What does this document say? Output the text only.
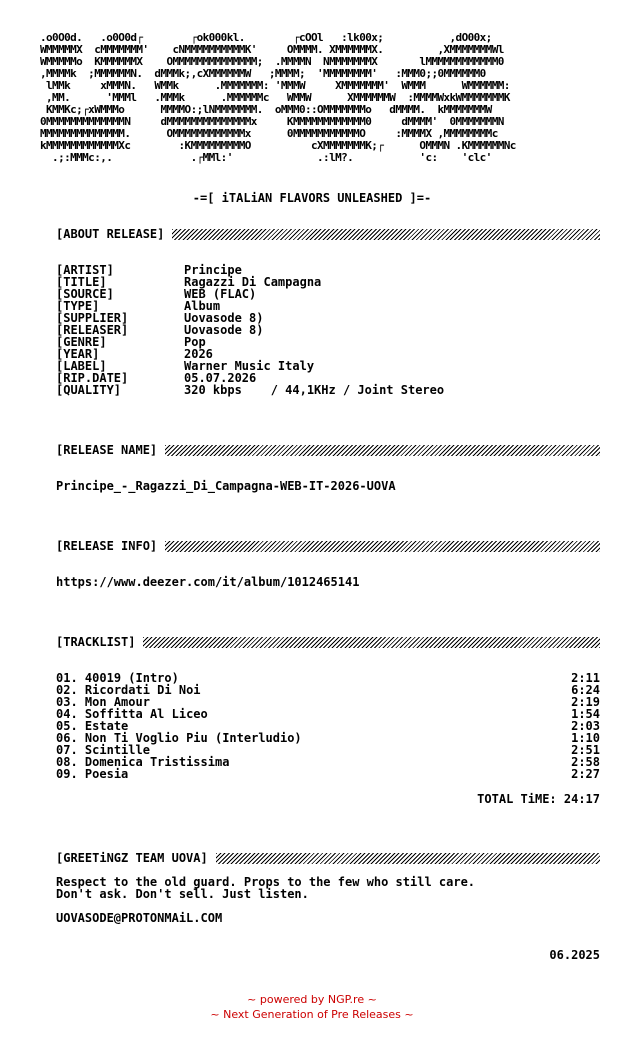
.o0O0d.   .o0O0d┌        ┌ok000kl.        ┌cOOl   :lk00x;           ,dO00x;
WMMMMMX  cMMMMMMM'    cNMMMMMMMMMMK'     OMMMM. XMMMMMMX.         ,XMMMMMMMWl
WMMMMMo  KMMMMMMX    OMMMMMMMMMMMMMM;  .MMMMN  NMMMMMMMX       lMMMMMMMMMMMM0
,MMMMk  ;MMMMMMN.  dMMMk;,cXMMMMMMW   ;MMMM;  'MMMMMMMM'   :MMM0;;0MMMMMM0
lMMk     xMMMN.   WMMk      .MMMMMMM: 'MMMW     XMMMMMMM'  WMMM      WMMMMMM:
,MM.      'MMMl   .MMMk      .MMMMMMc   WMMW      XMMMMMMW  :MMMMWxkWMMMMMMMK
KMMKc;┌xWMMMo      MMMMO:;lNMMMMMMM.  oMMM0::OMMMMMMMo   dMMMM.  kMMMMMMMW
0MMMMMMMMMMMMMN     dMMMMMMMMMMMMMMx     KMMMMMMMMMMMM0     dMMMM'  0MMMMMMMN
MMMMMMMMMMMMMM.      OMMMMMMMMMMMMx      0MMMMMMMMMMMO     :MMMMX ,MMMMMMMMc
kMMMMMMMMMMMMXc        :KMMMMMMMMMO          cXMMMMMMMK;┌      OMMMN .KMMMMMMNc
.;:MMMc:,.             .┌MMl:'              .:lM?.           'c:    'clc'
-=[ iTALiAN FLAVORS UNLEASHED ]=-
[ABOUT RELEASE]
[ARTIST]	Principe
[TITLE]	Ragazzi Di Campagna
[SOURCE]	WEB (FLAC)
[TYPE]	Album
[SUPPLIER]	Uovasode 8)
[RELEASER]	Uovasode 8)
[GENRE]	Pop
[YEAR]	2026
[LABEL]	Warner Music Italy
[RIP.DATE]	05.07.2026
[QUALITY]	320 kbps    / 44,1KHz / Joint Stereo
[RELEASE NAME]
Principe_-_Ragazzi_Di_Campagna-WEB-IT-2026-UOVA
[RELEASE INFO]
https://www.deezer.com/it/album/1012465141
[TRACKLIST]
01. 40019 (Intro)	2:11
02. Ricordati Di Noi	6:24
03. Mon Amour	2:19
04. Soffitta Al Liceo	1:54
05. Estate	2:03
06. Non Ti Voglio Piu (Interludio)	1:10
07. Scintille	2:51
08. Domenica Tristissima	2:58
09. Poesia	2:27
TOTAL TiME: 24:17
[GREETiNGZ TEAM UOVA]
Respect to the old guard. Props to the few who still care.
Don't ask. Don't sell. Just listen.
UOVASODE@PROTONMAiL.COM
06.2025
~ powered by NGP.re ~
~ Next Generation of Pre Releases ~
